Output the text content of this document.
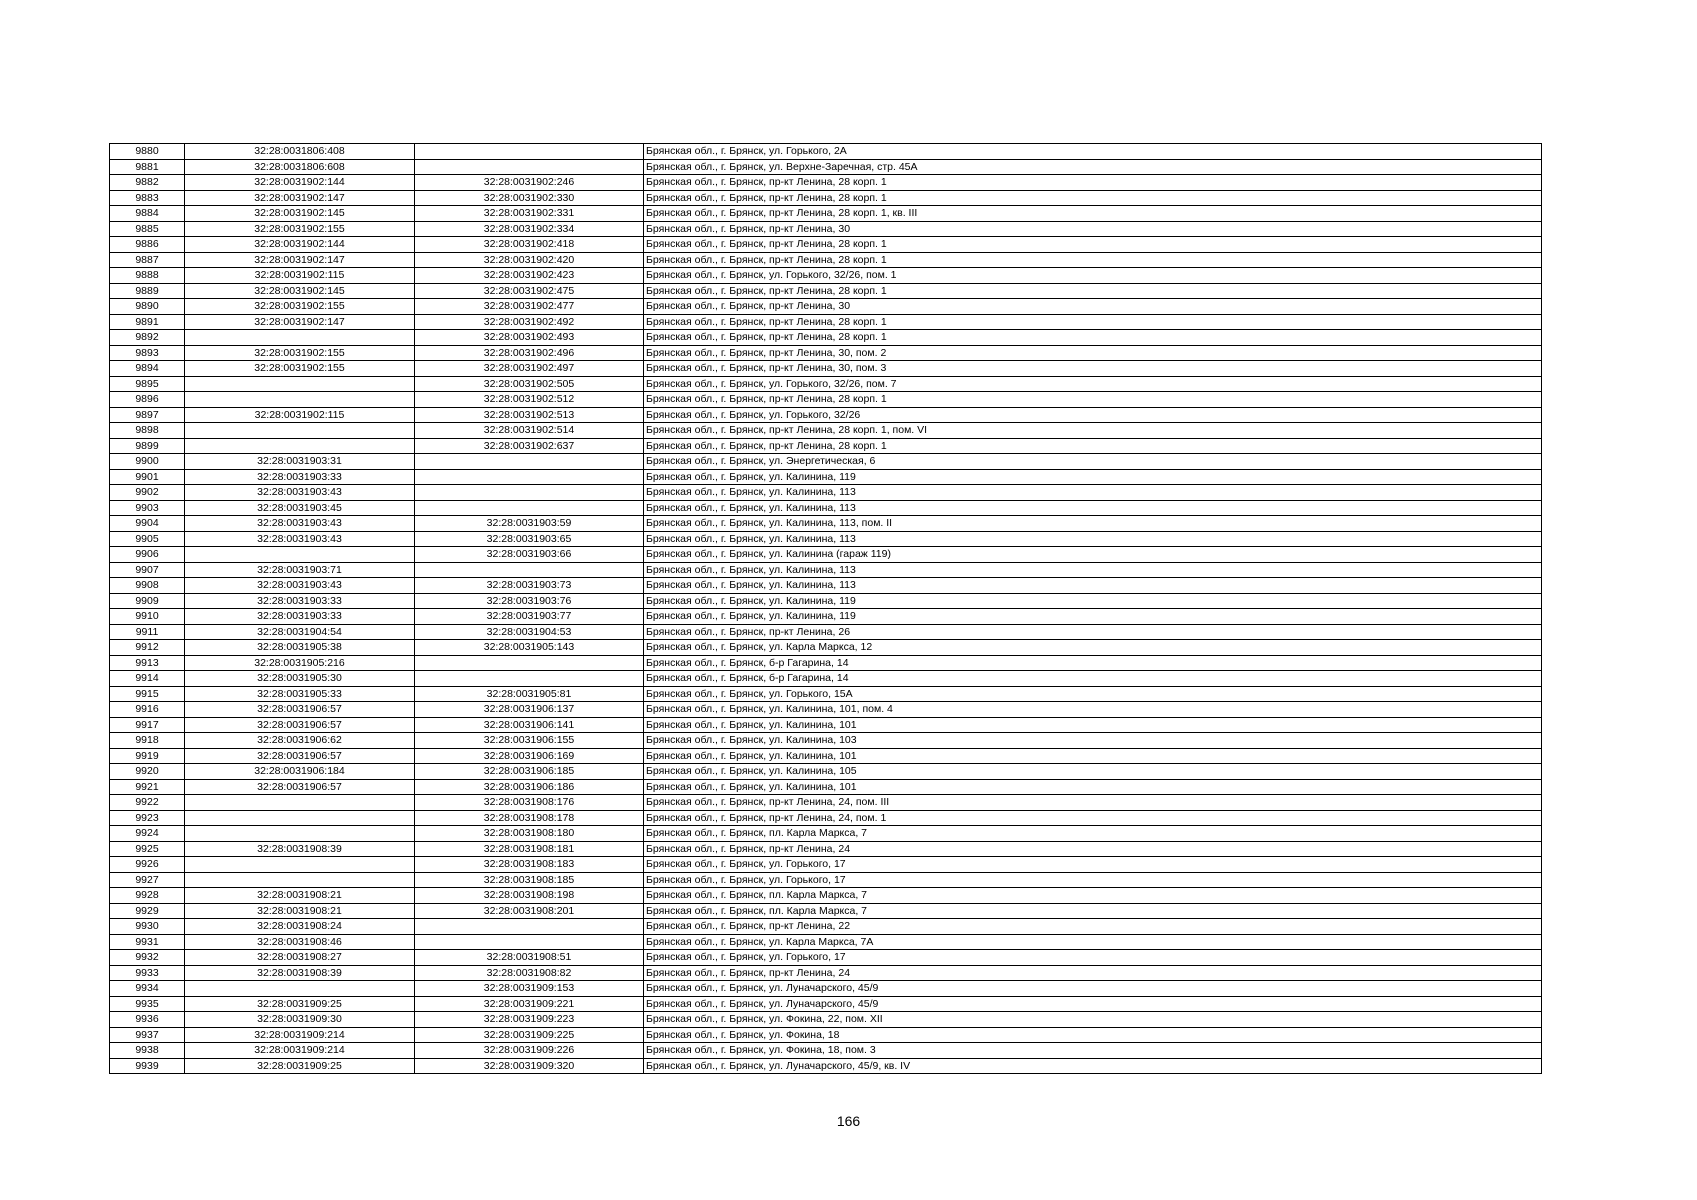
9880	32:28:0031806:408		Брянская обл., г. Брянск, ул. Горького, 2А
9881	32:28:0031806:608		Брянская обл., г. Брянск, ул. Верхне-Заречная, стр. 45А
9882	32:28:0031902:144	32:28:0031902:246	Брянская обл., г. Брянск, пр-кт Ленина, 28 корп. 1
9883	32:28:0031902:147	32:28:0031902:330	Брянская обл., г. Брянск, пр-кт Ленина, 28 корп. 1
9884	32:28:0031902:145	32:28:0031902:331	Брянская обл., г. Брянск, пр-кт Ленина, 28 корп. 1, кв. III
9885	32:28:0031902:155	32:28:0031902:334	Брянская обл., г. Брянск, пр-кт Ленина, 30
9886	32:28:0031902:144	32:28:0031902:418	Брянская обл., г. Брянск, пр-кт Ленина, 28 корп. 1
9887	32:28:0031902:147	32:28:0031902:420	Брянская обл., г. Брянск, пр-кт Ленина, 28 корп. 1
9888	32:28:0031902:115	32:28:0031902:423	Брянская обл., г. Брянск, ул. Горького, 32/26, пом. 1
9889	32:28:0031902:145	32:28:0031902:475	Брянская обл., г. Брянск, пр-кт Ленина, 28 корп. 1
9890	32:28:0031902:155	32:28:0031902:477	Брянская обл., г. Брянск, пр-кт Ленина, 30
9891	32:28:0031902:147	32:28:0031902:492	Брянская обл., г. Брянск, пр-кт Ленина, 28 корп. 1
9892		32:28:0031902:493	Брянская обл., г. Брянск, пр-кт Ленина, 28 корп. 1
9893	32:28:0031902:155	32:28:0031902:496	Брянская обл., г. Брянск, пр-кт Ленина, 30, пом. 2
9894	32:28:0031902:155	32:28:0031902:497	Брянская обл., г. Брянск, пр-кт Ленина, 30, пом. 3
9895		32:28:0031902:505	Брянская обл., г. Брянск, ул. Горького, 32/26, пом. 7
9896		32:28:0031902:512	Брянская обл., г. Брянск, пр-кт Ленина, 28 корп. 1
9897	32:28:0031902:115	32:28:0031902:513	Брянская обл., г. Брянск, ул. Горького, 32/26
9898		32:28:0031902:514	Брянская обл., г. Брянск, пр-кт Ленина, 28 корп. 1, пом. VI
9899		32:28:0031902:637	Брянская обл., г. Брянск, пр-кт Ленина, 28 корп. 1
9900	32:28:0031903:31		Брянская обл., г. Брянск, ул. Энергетическая, 6
9901	32:28:0031903:33		Брянская обл., г. Брянск, ул. Калинина, 119
9902	32:28:0031903:43		Брянская обл., г. Брянск, ул. Калинина, 113
9903	32:28:0031903:45		Брянская обл., г. Брянск, ул. Калинина, 113
9904	32:28:0031903:43	32:28:0031903:59	Брянская обл., г. Брянск, ул. Калинина, 113, пом. II
9905	32:28:0031903:43	32:28:0031903:65	Брянская обл., г. Брянск, ул. Калинина, 113
9906		32:28:0031903:66	Брянская обл., г. Брянск, ул. Калинина (гараж 119)
9907	32:28:0031903:71		Брянская обл., г. Брянск, ул. Калинина, 113
9908	32:28:0031903:43	32:28:0031903:73	Брянская обл., г. Брянск, ул. Калинина, 113
9909	32:28:0031903:33	32:28:0031903:76	Брянская обл., г. Брянск, ул. Калинина, 119
9910	32:28:0031903:33	32:28:0031903:77	Брянская обл., г. Брянск, ул. Калинина, 119
9911	32:28:0031904:54	32:28:0031904:53	Брянская обл., г. Брянск, пр-кт Ленина, 26
9912	32:28:0031905:38	32:28:0031905:143	Брянская обл., г. Брянск, ул. Карла Маркса, 12
9913	32:28:0031905:216		Брянская обл., г. Брянск, б-р Гагарина, 14
9914	32:28:0031905:30		Брянская обл., г. Брянск, б-р Гагарина, 14
9915	32:28:0031905:33	32:28:0031905:81	Брянская обл., г. Брянск, ул. Горького, 15А
9916	32:28:0031906:57	32:28:0031906:137	Брянская обл., г. Брянск, ул. Калинина, 101, пом. 4
9917	32:28:0031906:57	32:28:0031906:141	Брянская обл., г. Брянск, ул. Калинина, 101
9918	32:28:0031906:62	32:28:0031906:155	Брянская обл., г. Брянск, ул. Калинина, 103
9919	32:28:0031906:57	32:28:0031906:169	Брянская обл., г. Брянск, ул. Калинина, 101
9920	32:28:0031906:184	32:28:0031906:185	Брянская обл., г. Брянск, ул. Калинина, 105
9921	32:28:0031906:57	32:28:0031906:186	Брянская обл., г. Брянск, ул. Калинина, 101
9922		32:28:0031908:176	Брянская обл., г. Брянск, пр-кт Ленина, 24, пом. III
9923		32:28:0031908:178	Брянская обл., г. Брянск, пр-кт Ленина, 24, пом. 1
9924		32:28:0031908:180	Брянская обл., г. Брянск, пл. Карла Маркса, 7
9925	32:28:0031908:39	32:28:0031908:181	Брянская обл., г. Брянск, пр-кт Ленина, 24
9926		32:28:0031908:183	Брянская обл., г. Брянск, ул. Горького, 17
9927		32:28:0031908:185	Брянская обл., г. Брянск, ул. Горького, 17
9928	32:28:0031908:21	32:28:0031908:198	Брянская обл., г. Брянск, пл. Карла Маркса, 7
9929	32:28:0031908:21	32:28:0031908:201	Брянская обл., г. Брянск, пл. Карла Маркса, 7
9930	32:28:0031908:24		Брянская обл., г. Брянск, пр-кт Ленина, 22
9931	32:28:0031908:46		Брянская обл., г. Брянск, ул. Карла Маркса, 7А
9932	32:28:0031908:27	32:28:0031908:51	Брянская обл., г. Брянск, ул. Горького, 17
9933	32:28:0031908:39	32:28:0031908:82	Брянская обл., г. Брянск, пр-кт Ленина, 24
9934		32:28:0031909:153	Брянская обл., г. Брянск, ул. Луначарского, 45/9
9935	32:28:0031909:25	32:28:0031909:221	Брянская обл., г. Брянск, ул. Луначарского, 45/9
9936	32:28:0031909:30	32:28:0031909:223	Брянская обл., г. Брянск, ул. Фокина, 22, пом. XII
9937	32:28:0031909:214	32:28:0031909:225	Брянская обл., г. Брянск, ул. Фокина, 18
9938	32:28:0031909:214	32:28:0031909:226	Брянская обл., г. Брянск, ул. Фокина, 18, пом. 3
9939	32:28:0031909:25	32:28:0031909:320	Брянская обл., г. Брянск, ул. Луначарского, 45/9, кв. IV
166
